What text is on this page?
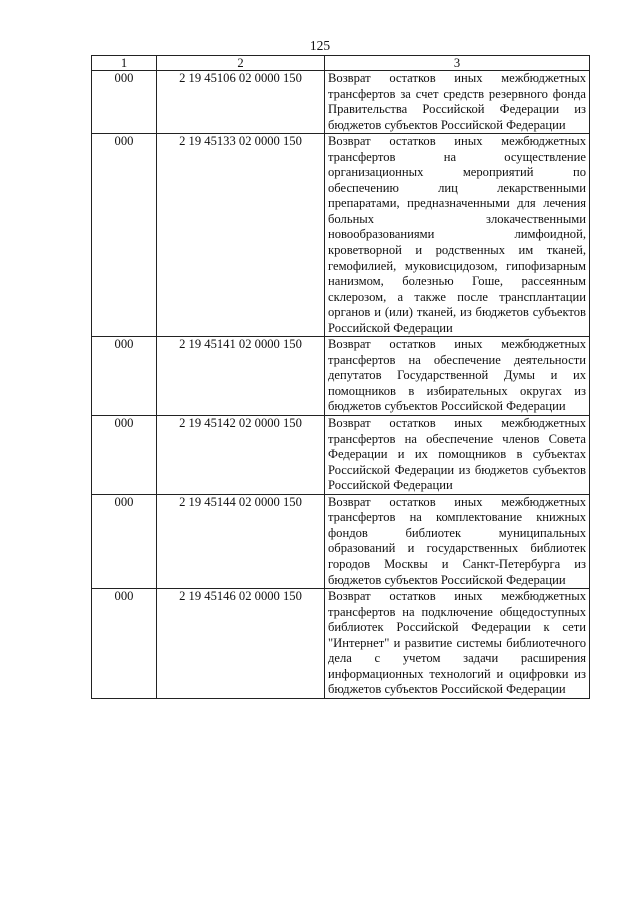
125
1	2	3
000	2 19 45106 02 0000 150	Возврат остатков иных межбюджетных трансфертов за счет средств резервного фонда Правительства Российской Федерации из бюджетов субъектов Российской Федерации
000	2 19 45133 02 0000 150	Возврат остатков иных межбюджетных трансфертов на осуществление организационных мероприятий по обеспечению лиц лекарственными препаратами, предназначенными для лечения больных злокачественными новообразованиями лимфоидной, кроветворной и родственных им тканей, гемофилией, муковисцидозом, гипофизарным нанизмом, болезнью Гоше, рассеянным склерозом, а также после трансплантации органов и (или) тканей, из бюджетов субъектов Российской Федерации
000	2 19 45141 02 0000 150	Возврат остатков иных межбюджетных трансфертов на обеспечение деятельности депутатов Государственной Думы и их помощников в избирательных округах из бюджетов субъектов Российской Федерации
000	2 19 45142 02 0000 150	Возврат остатков иных межбюджетных трансфертов на обеспечение членов Совета Федерации и их помощников в субъектах Российской Федерации из бюджетов субъектов Российской Федерации
000	2 19 45144 02 0000 150	Возврат остатков иных межбюджетных трансфертов на комплектование книжных фондов библиотек муниципальных образований и государственных библиотек городов Москвы и Санкт-Петербурга из бюджетов субъектов Российской Федерации
000	2 19 45146 02 0000 150	Возврат остатков иных межбюджетных трансфертов на подключение общедоступных библиотек Российской Федерации к сети "Интернет" и развитие системы библиотечного дела с учетом задачи расширения информационных технологий и оцифровки из бюджетов субъектов Российской Федерации
